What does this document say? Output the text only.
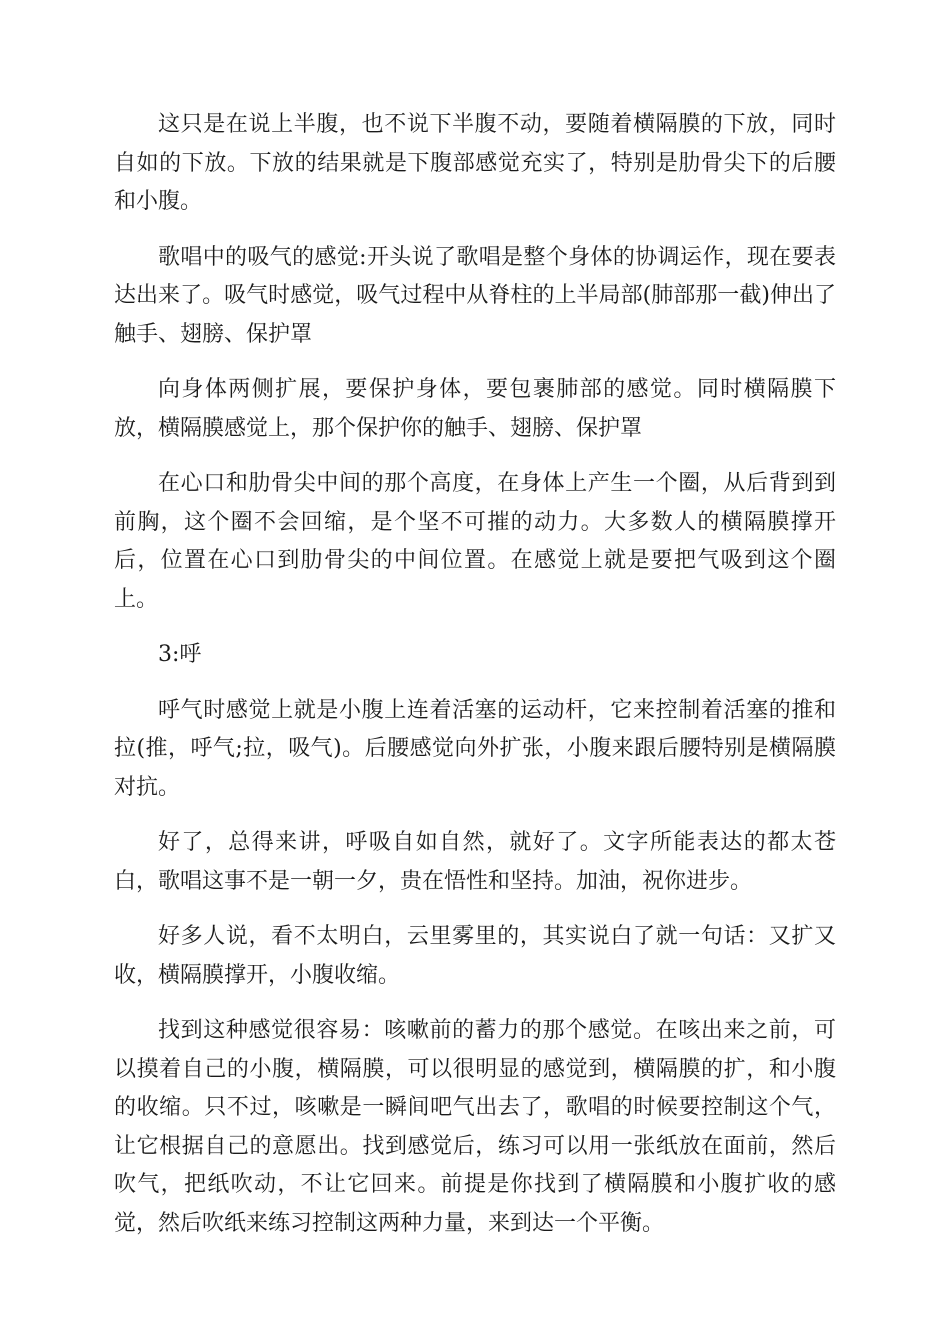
这只是在说上半腹，也不说下半腹不动，要随着横隔膜的下放，同时自如的下放。下放的结果就是下腹部感觉充实了，特别是肋骨尖下的后腰和小腹。

歌唱中的吸气的感觉:开头说了歌唱是整个身体的协调运作，现在要表达出来了。吸气时感觉，吸气过程中从脊柱的上半局部(肺部那一截)伸出了触手、翅膀、保护罩

向身体两侧扩展，要保护身体，要包裹肺部的感觉。同时横隔膜下放，横隔膜感觉上，那个保护你的触手、翅膀、保护罩

在心口和肋骨尖中间的那个高度，在身体上产生一个圈，从后背到到前胸，这个圈不会回缩，是个坚不可摧的动力。大多数人的横隔膜撑开后，位置在心口到肋骨尖的中间位置。在感觉上就是要把气吸到这个圈上。

3:呼

呼气时感觉上就是小腹上连着活塞的运动杆，它来控制着活塞的推和拉(推，呼气;拉，吸气)。后腰感觉向外扩张，小腹来跟后腰特别是横隔膜对抗。

好了，总得来讲，呼吸自如自然，就好了。文字所能表达的都太苍白，歌唱这事不是一朝一夕，贵在悟性和坚持。加油，祝你进步。

好多人说，看不太明白，云里雾里的，其实说白了就一句话：又扩又收，横隔膜撑开，小腹收缩。

找到这种感觉很容易：咳嗽前的蓄力的那个感觉。在咳出来之前，可以摸着自己的小腹，横隔膜，可以很明显的感觉到，横隔膜的扩，和小腹的收缩。只不过，咳嗽是一瞬间吧气出去了，歌唱的时候要控制这个气，让它根据自己的意愿出。找到感觉后，练习可以用一张纸放在面前，然后吹气，把纸吹动，不让它回来。前提是你找到了横隔膜和小腹扩收的感觉，然后吹纸来练习控制这两种力量，来到达一个平衡。
